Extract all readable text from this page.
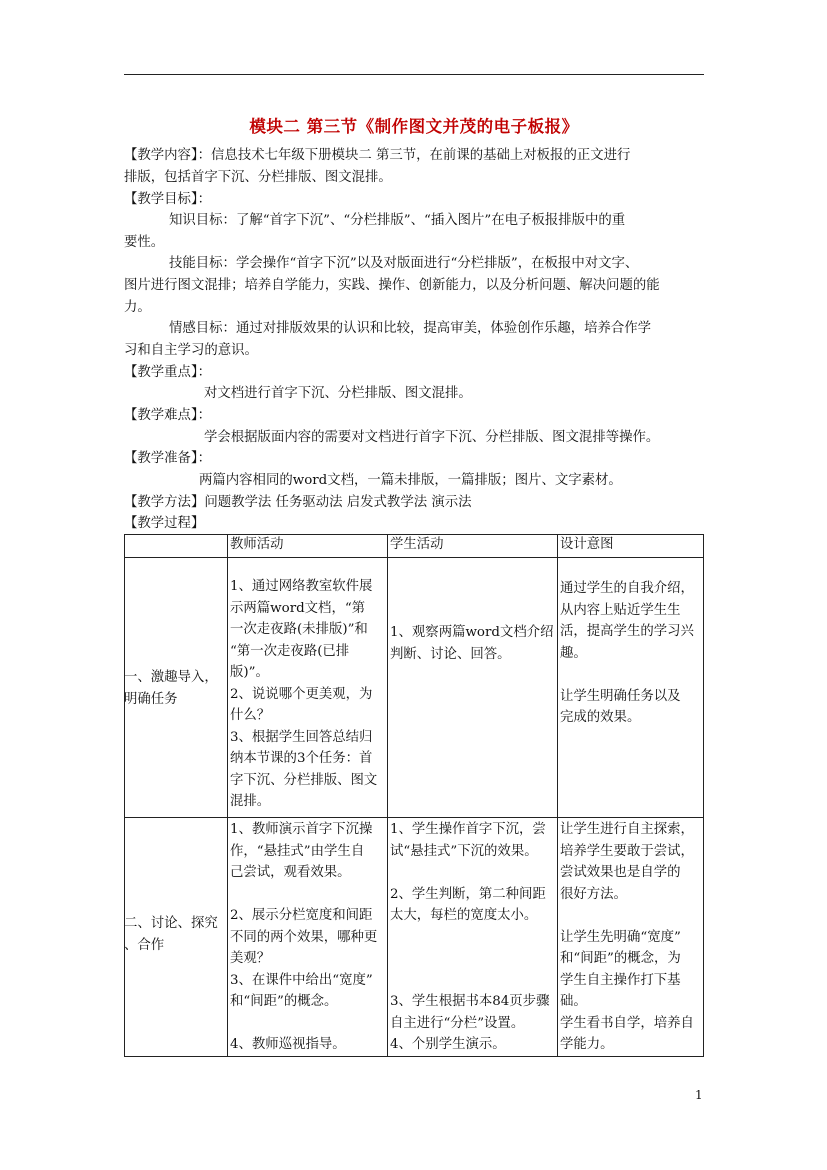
模块二 第三节《制作图文并茂的电子板报》
【教学内容】：信息技术七年级下册模块二 第三节，在前课的基础上对板报的正文进行
排版，包括首字下沉、分栏排版、图文混排。
【教学目标】：
知识目标：了解“首字下沉”、“分栏排版”、“插入图片”在电子板报排版中的重
要性。
技能目标：学会操作“首字下沉”以及对版面进行“分栏排版”，在板报中对文字、
图片进行图文混排；培养自学能力，实践、操作、创新能力，以及分析问题、解决问题的能
力。
情感目标：通过对排版效果的认识和比较，提高审美，体验创作乐趣，培养合作学
习和自主学习的意识。
【教学重点】：
对文档进行首字下沉、分栏排版、图文混排。
【教学难点】：
学会根据版面内容的需要对文档进行首字下沉、分栏排版、图文混排等操作。
【教学准备】：
两篇内容相同的word文档，一篇未排版，一篇排版；图片、文字素材。
【教学方法】问题教学法 任务驱动法 启发式教学法 演示法
【教学过程】
教师活动	学生活动	设计意图
一、激趣导入，
明确任务
1、通过网络教室软件展
示两篇word文档，“第
一次走夜路(未排版)”和
“第一次走夜路(已排
版)”。
2、说说哪个更美观，为
什么？
3、根据学生回答总结归
纳本节课的3个任务：首
字下沉、分栏排版、图文
混排。
1、观察两篇word文档介绍
判断、讨论、回答。
通过学生的自我介绍，
从内容上贴近学生生
活，提高学生的学习兴
趣。
让学生明确任务以及
完成的效果。
二、讨论、探究
、合作
1、教师演示首字下沉操
作，“悬挂式”由学生自
己尝试，观看效果。
2、展示分栏宽度和间距
不同的两个效果，哪种更
美观？
3、在课件中给出“宽度”
和“间距”的概念。
4、教师巡视指导。
1、学生操作首字下沉，尝
试“悬挂式”下沉的效果。
2、学生判断，第二种间距
太大，每栏的宽度太小。
3、学生根据书本84页步骤
自主进行“分栏”设置。
4、个别学生演示。
让学生进行自主探索，
培养学生要敢于尝试，
尝试效果也是自学的
很好方法。
让学生先明确“宽度”
和“间距”的概念，为
学生自主操作打下基
础。
学生看书自学，培养自
学能力。
1
